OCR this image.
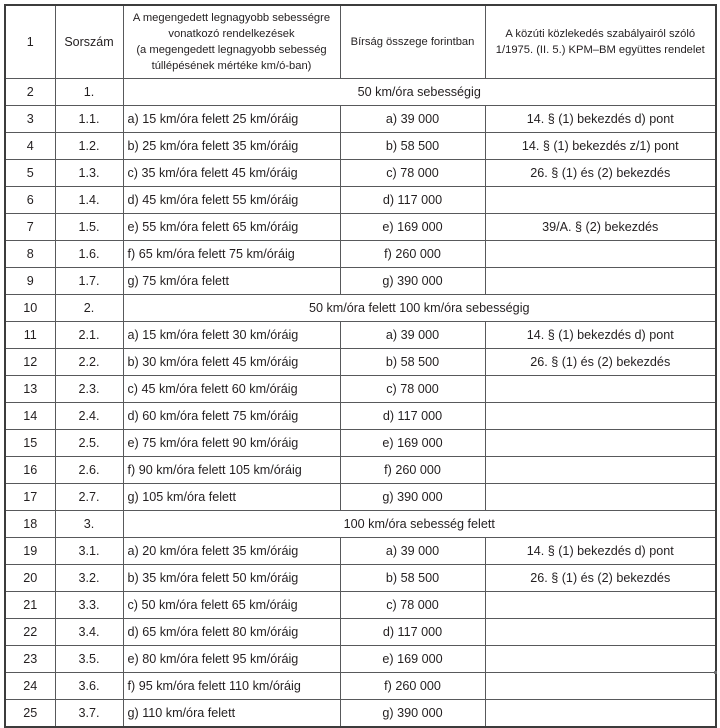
1	Sorszám	A megengedett legnagyobb sebességre
vonatkozó rendelkezések
(a megengedett legnagyobb sebesség
túllépésének mértéke km/ó-ban)	Bírság összege forintban	A közúti közlekedés szabályairól szóló
1/1975. (II. 5.) KPM–BM együttes rendelet

2	1.	50 km/óra sebességig		
3	1.1.	a) 15 km/óra felett 25 km/óráig	a) 39 000	14. § (1) bekezdés d) pont
4	1.2.	b) 25 km/óra felett 35 km/óráig	b) 58 500	14. § (1) bekezdés z/1) pont
5	1.3.	c) 35 km/óra felett 45 km/óráig	c) 78 000	26. § (1) és (2) bekezdés
6	1.4.	d) 45 km/óra felett 55 km/óráig	d) 117 000	
7	1.5.	e) 55 km/óra felett 65 km/óráig	e) 169 000	39/A. § (2) bekezdés
8	1.6.	f) 65 km/óra felett 75 km/óráig	f) 260 000	
9	1.7.	g) 75 km/óra felett	g) 390 000	
10	2.	50 km/óra felett 100 km/óra sebességig		
11	2.1.	a) 15 km/óra felett 30 km/óráig	a) 39 000	14. § (1) bekezdés d) pont
12	2.2.	b) 30 km/óra felett 45 km/óráig	b) 58 500	26. § (1) és (2) bekezdés
13	2.3.	c) 45 km/óra felett 60 km/óráig	c) 78 000	
14	2.4.	d) 60 km/óra felett 75 km/óráig	d) 117 000	
15	2.5.	e) 75 km/óra felett 90 km/óráig	e) 169 000	
16	2.6.	f) 90 km/óra felett 105 km/óráig	f) 260 000	
17	2.7.	g) 105 km/óra felett	g) 390 000	
18	3.	100 km/óra sebesség felett		
19	3.1.	a) 20 km/óra felett 35 km/óráig	a) 39 000	14. § (1) bekezdés d) pont
20	3.2.	b) 35 km/óra felett 50 km/óráig	b) 58 500	26. § (1) és (2) bekezdés
21	3.3.	c) 50 km/óra felett 65 km/óráig	c) 78 000	
22	3.4.	d) 65 km/óra felett 80 km/óráig	d) 117 000	
23	3.5.	e) 80 km/óra felett 95 km/óráig	e) 169 000	
24	3.6.	f) 95 km/óra felett 110 km/óráig	f) 260 000	
25	3.7.	g) 110 km/óra felett	g) 390 000	
